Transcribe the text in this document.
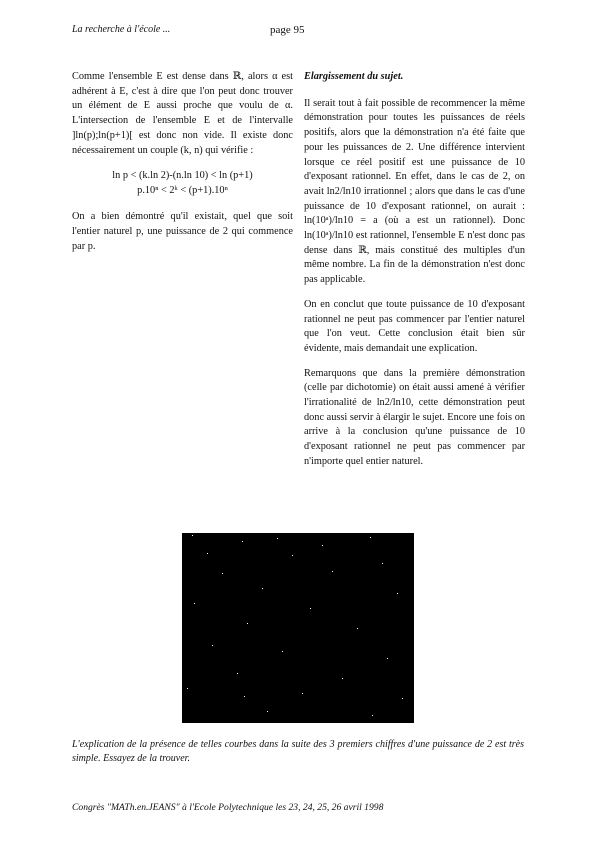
La recherche à l'école ...	page 95

Comme l'ensemble E est dense dans ℝ, alors α est adhérent à E, c'est à dire que l'on peut donc trouver un élément de E aussi proche que voulu de α. L'intersection de l'ensemble E et de l'intervalle ]ln(p);ln(p+1)[ est donc non vide. Il existe donc nécessairement un couple (k, n) qui vérifie :

ln p < (k.ln 2)-(n.ln 10) < ln (p+1)
p.10ⁿ < 2ᵏ < (p+1).10ⁿ

On a bien démontré qu'il existait, quel que soit l'entier naturel p, une puissance de 2 qui commence par p.

Elargissement du sujet.

Il serait tout à fait possible de recommencer la même démonstration pour toutes les puissances de réels positifs, alors que la démonstration n'a été faite que pour les puissances de 2. Une différence intervient lorsque ce réel positif est une puissance de 10 d'exposant rationnel. En effet, dans le cas de 2, on avait ln2/ln10 irrationnel ; alors que dans le cas d'une puissance de 10 d'exposant rationnel, on aurait : ln(10ᵃ)/ln10 = a (où a est un rationnel). Donc ln(10ᵃ)/ln10 est rationnel, l'ensemble E n'est donc pas dense dans ℝ, mais constitué des multiples d'un même nombre. La fin de la démonstration n'est donc pas applicable.

On en conclut que toute puissance de 10 d'exposant rationnel ne peut pas commencer par l'entier naturel que l'on veut. Cette conclusion était bien sûr évidente, mais demandait une explication.

Remarquons que dans la première démonstration (celle par dichotomie) on était aussi amené à vérifier l'irrationalité de ln2/ln10, cette démonstration peut donc aussi servir à élargir le sujet. Encore une fois on arrive à la conclusion qu'une puissance de 10 d'exposant rationnel ne peut pas commencer par n'importe quel entier naturel.

L'explication de la présence de telles courbes dans la suite des 3 premiers chiffres d'une puissance de 2 est très simple. Essayez de la trouver.
Congrès "MATh.en.JEANS" à l'Ecole Polytechnique les 23, 24, 25, 26 avril 1998
